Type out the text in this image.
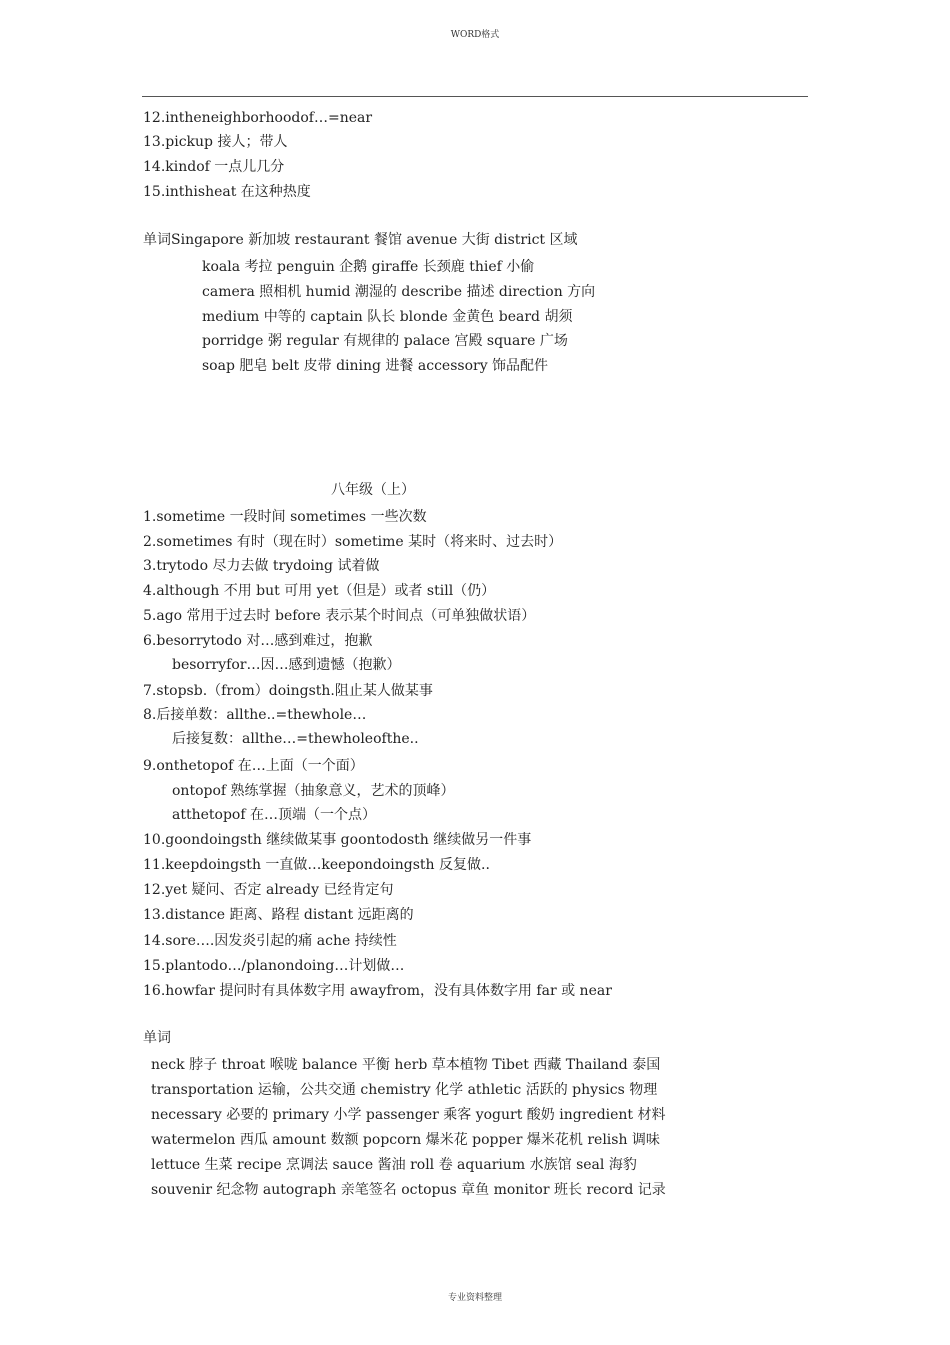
WORD格式
12.intheneighborhoodof…=near
13.pickup 接人；带人
14.kindof 一点儿几分
15.inthisheat 在这种热度
单词Singapore 新加坡 restaurant 餐馆 avenue 大街 district 区域
koala 考拉 penguin 企鹅 giraffe 长颈鹿 thief 小偷
camera 照相机 humid 潮湿的 describe 描述 direction 方向
medium 中等的 captain 队长 blonde 金黄色 beard 胡须
porridge 粥 regular 有规律的 palace 宫殿 square 广场
soap 肥皂 belt 皮带 dining 进餐 accessory 饰品配件
八年级（上）
1.sometime 一段时间 sometimes 一些次数
2.sometimes 有时（现在时）sometime 某时（将来时、过去时）
3.trytodo 尽力去做 trydoing 试着做
4.although 不用 but 可用 yet（但是）或者 still（仍）
5.ago 常用于过去时 before 表示某个时间点（可单独做状语）
6.besorrytodo 对…感到难过，抱歉
besorryfor…因…感到遗憾（抱歉）
7.stopsb.（from）doingsth.阻止某人做某事
8.后接单数：allthe..=thewhole…
后接复数：allthe…=thewholeofthe..
9.onthetopof 在…上面（一个面）
ontopof 熟练掌握（抽象意义，艺术的顶峰）
atthetopof 在…顶端（一个点）
10.goondoingsth 继续做某事 goontodosth 继续做另一件事
11.keepdoingsth 一直做…keepondoingsth 反复做..
12.yet 疑问、否定 already 已经肯定句
13.distance 距离、路程 distant 远距离的
14.sore….因发炎引起的痛 ache 持续性
15.plantodo…/planondoing…计划做…
16.howfar 提问时有具体数字用 awayfrom，没有具体数字用 far 或 near
单词
neck 脖子 throat 喉咙 balance 平衡 herb 草本植物 Tibet 西藏 Thailand 泰国
transportation 运输，公共交通 chemistry 化学 athletic 活跃的 physics 物理
necessary 必要的 primary 小学 passenger 乘客 yogurt 酸奶 ingredient 材料
watermelon 西瓜 amount 数额 popcorn 爆米花 popper 爆米花机 relish 调味
lettuce 生菜 recipe 烹调法 sauce 酱油 roll 卷 aquarium 水族馆 seal 海豹
souvenir 纪念物 autograph 亲笔签名 octopus 章鱼 monitor 班长 record 记录
专业资料整理
